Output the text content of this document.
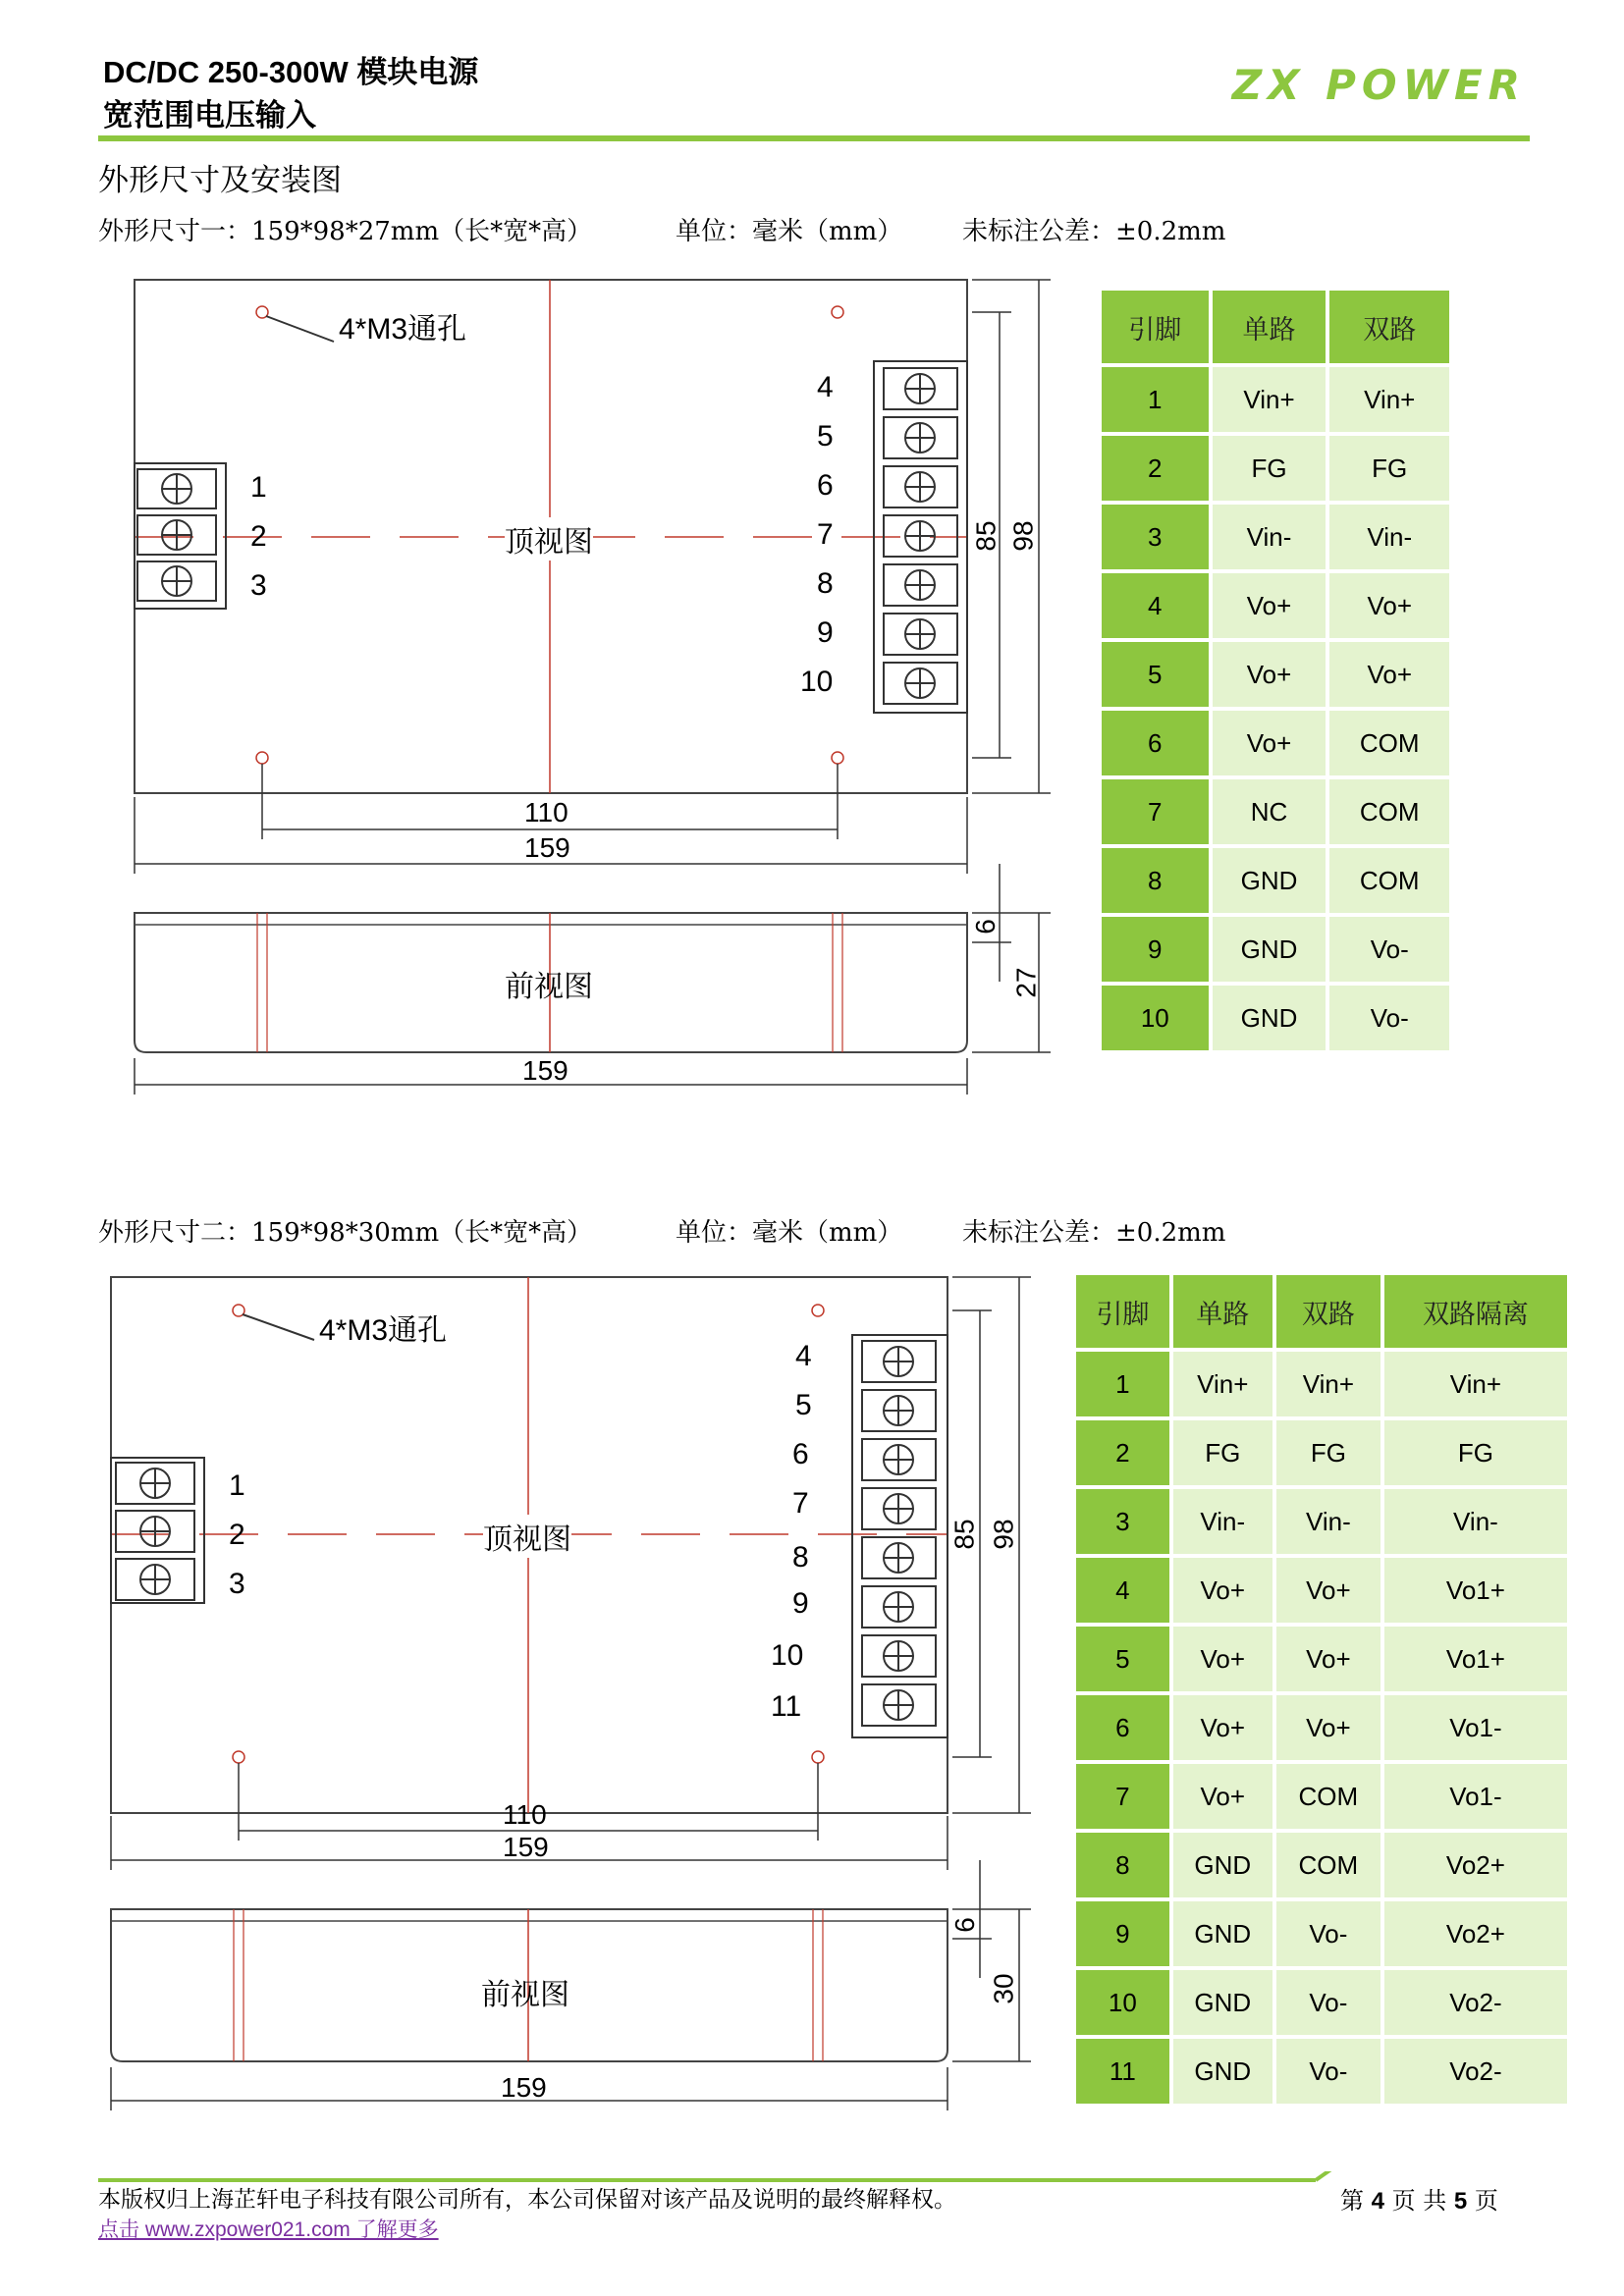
DC/DC 250-300W 模块电源
宽范围电压输入
ZX POWER
外形尺寸及安装图
外形尺寸一：159*98*27mm（长*宽*高）	单位：毫米（mm） 未标注公差：±0.2mm
4*M3通孔
顶视图
前视图
1
2
3
4
5
6
7
8
9
10
85 98
110
159
6
27
159
引脚	单路	双路
1	Vin+	Vin+
2	FG	FG
3	Vin-	Vin-
4	Vo+	Vo+
5	Vo+	Vo+
6	Vo+	COM
7	NC	COM
8	GND	COM
9	GND	Vo-
10	GND	Vo-
外形尺寸二：159*98*30mm（长*宽*高）	单位：毫米（mm） 未标注公差：±0.2mm
4*M3通孔
顶视图
前视图
1
2
3
4
5
6
7
8
9
10
11
85 98
110
159
6
30
159
引脚	单路	双路	双路隔离
1	Vin+	Vin+	Vin+
2	FG	FG	FG
3	Vin-	Vin-	Vin-
4	Vo+	Vo+	Vo1+
5	Vo+	Vo+	Vo1+
6	Vo+	Vo+	Vo1-
7	Vo+	COM	Vo1-
8	GND	COM	Vo2+
9	GND	Vo-	Vo2+
10	GND	Vo-	Vo2-
11	GND	Vo-	Vo2-
本版权归上海芷轩电子科技有限公司所有，本公司保留对该产品及说明的最终解释权。
点击 www.zxpower021.com 了解更多
第 4 页 共 5 页
